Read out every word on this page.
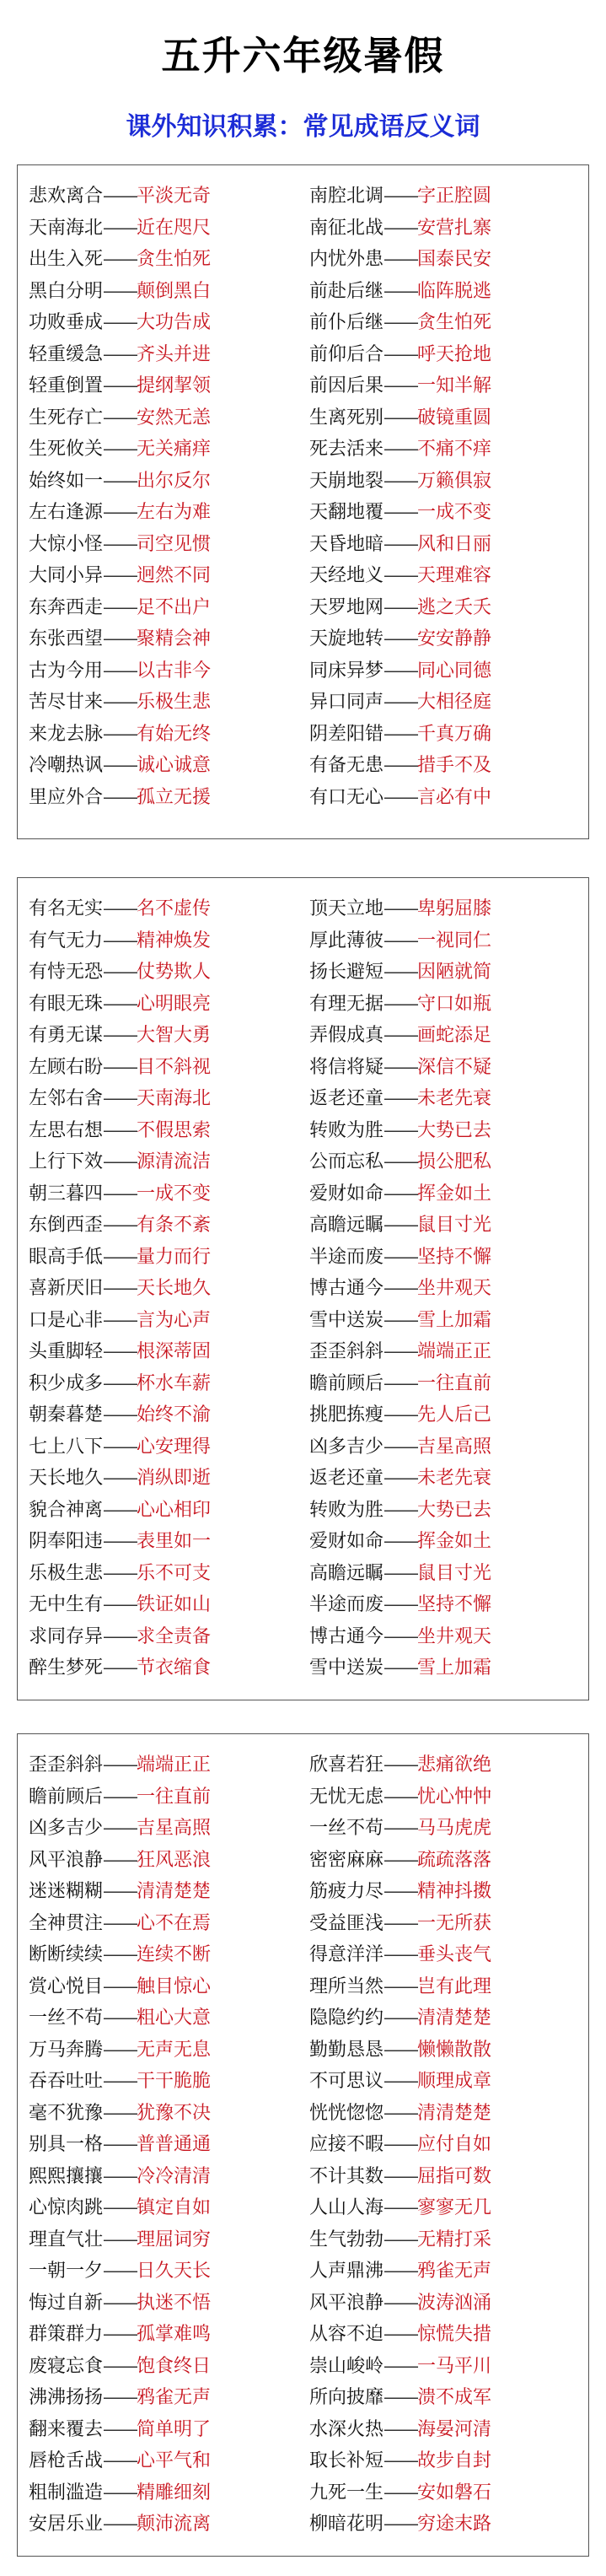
五升六年级暑假
课外知识积累：常见成语反义词
悲欢离合——平淡无奇
天南海北——近在咫尺
出生入死——贪生怕死
黑白分明——颠倒黑白
功败垂成——大功告成
轻重缓急——齐头并进
轻重倒置——提纲挈领
生死存亡——安然无恙
生死攸关——无关痛痒
始终如一——出尔反尔
左右逢源——左右为难
大惊小怪——司空见惯
大同小异——迥然不同
东奔西走——足不出户
东张西望——聚精会神
古为今用——以古非今
苦尽甘来——乐极生悲
来龙去脉——有始无终
冷嘲热讽——诚心诚意
里应外合——孤立无援
南腔北调——字正腔圆
南征北战——安营扎寨
内忧外患——国泰民安
前赴后继——临阵脱逃
前仆后继——贪生怕死
前仰后合——呼天抢地
前因后果——一知半解
生离死别——破镜重圆
死去活来——不痛不痒
天崩地裂——万籁俱寂
天翻地覆——一成不变
天昏地暗——风和日丽
天经地义——天理难容
天罗地网——逃之夭夭
天旋地转——安安静静
同床异梦——同心同德
异口同声——大相径庭
阴差阳错——千真万确
有备无患——措手不及
有口无心——言必有中
有名无实——名不虚传
有气无力——精神焕发
有恃无恐——仗势欺人
有眼无珠——心明眼亮
有勇无谋——大智大勇
左顾右盼——目不斜视
左邻右舍——天南海北
左思右想——不假思索
上行下效——源清流洁
朝三暮四——一成不变
东倒西歪——有条不紊
眼高手低——量力而行
喜新厌旧——天长地久
口是心非——言为心声
头重脚轻——根深蒂固
积少成多——杯水车薪
朝秦暮楚——始终不渝
七上八下——心安理得
天长地久——消纵即逝
貌合神离——心心相印
阴奉阳违——表里如一
乐极生悲——乐不可支
无中生有——铁证如山
求同存异——求全责备
醉生梦死——节衣缩食
顶天立地——卑躬屈膝
厚此薄彼——一视同仁
扬长避短——因陋就简
有理无据——守口如瓶
弄假成真——画蛇添足
将信将疑——深信不疑
返老还童——未老先衰
转败为胜——大势已去
公而忘私——损公肥私
爱财如命——挥金如土
高瞻远瞩——鼠目寸光
半途而废——坚持不懈
博古通今——坐井观天
雪中送炭——雪上加霜
歪歪斜斜——端端正正
瞻前顾后——一往直前
挑肥拣瘦——先人后己
凶多吉少——吉星高照
返老还童——未老先衰
转败为胜——大势已去
爱财如命——挥金如土
高瞻远瞩——鼠目寸光
半途而废——坚持不懈
博古通今——坐井观天
雪中送炭——雪上加霜
歪歪斜斜——端端正正
瞻前顾后——一往直前
凶多吉少——吉星高照
风平浪静——狂风恶浪
迷迷糊糊——清清楚楚
全神贯注——心不在焉
断断续续——连续不断
赏心悦目——触目惊心
一丝不苟——粗心大意
万马奔腾——无声无息
吞吞吐吐——干干脆脆
毫不犹豫——犹豫不决
别具一格——普普通通
熙熙攘攘——冷冷清清
心惊肉跳——镇定自如
理直气壮——理屈词穷
一朝一夕——日久天长
悔过自新——执迷不悟
群策群力——孤掌难鸣
废寝忘食——饱食终日
沸沸扬扬——鸦雀无声
翻来覆去——简单明了
唇枪舌战——心平气和
粗制滥造——精雕细刻
安居乐业——颠沛流离
欣喜若狂——悲痛欲绝
无忧无虑——忧心忡忡
一丝不苟——马马虎虎
密密麻麻——疏疏落落
筋疲力尽——精神抖擞
受益匪浅——一无所获
得意洋洋——垂头丧气
理所当然——岂有此理
隐隐约约——清清楚楚
勤勤恳恳——懒懒散散
不可思议——顺理成章
恍恍惚惚——清清楚楚
应接不暇——应付自如
不计其数——屈指可数
人山人海——寥寥无几
生气勃勃——无精打采
人声鼎沸——鸦雀无声
风平浪静——波涛汹涌
从容不迫——惊慌失措
崇山峻岭——一马平川
所向披靡——溃不成军
水深火热——海晏河清
取长补短——故步自封
九死一生——安如磐石
柳暗花明——穷途末路
